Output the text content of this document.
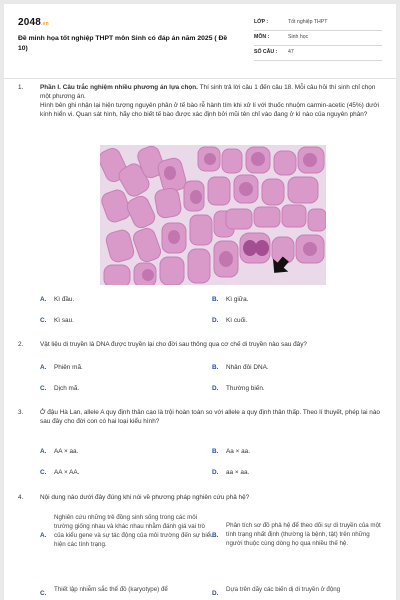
2048.vn
Đề minh họa tốt nghiệp THPT môn Sinh có đáp án năm 2025 ( Đề 10)
LỚP :	Tốt nghiệp THPT
MÔN :	Sinh học
SỐ CÂU : 47
1.	Phần I. Câu trắc nghiệm nhiều phương án lựa chọn. Thí sinh trả lời câu 1 đến câu 18. Mỗi câu hỏi thí sinh chỉ chọn một phương án.

Hình bên ghi nhận lại hiện tượng nguyên phân ở tế bào rễ hành tím khi xử lí với thuốc nhuộm carmin-acetic (45%) dưới kính hiển vi. Quan sát hình, hãy cho biết tế bào được xác định bởi mũi tên chỉ vào đang ở kì nào của nguyên phân?

A. Kì đầu.	B. Kì giữa.
C. Kì sau.	D. Kì cuối.
2.	Vật liệu di truyền là DNA được truyền lại cho đời sau thông qua cơ chế di truyền nào sau đây?
A. Phiên mã.	B. Nhân đôi DNA.
C. Dịch mã.	D. Thường biến.
3.	Ở đậu Hà Lan, allele A quy định thân cao là trội hoàn toàn so với allele a quy định thân thấp. Theo lí thuyết, phép lai nào sau đây cho đời con có hai loại kiểu hình?
A. AA × aa.	B. Aa × aa.
C. AA × AA.	D. aa × aa.
4.	Nội dung nào dưới đây đúng khi nói về phương pháp nghiên cứu phả hệ?
A.
Nghiên cứu những trẻ đồng sinh sống trong các môi trường giống nhau và khác nhau nhằm đánh giá vai trò của kiểu gene và sự tác động của môi trường đến sự biểu hiện các tính trạng.
B.
Phân tích sơ đồ phả hệ để theo dõi sự di truyền của một tính trạng nhất định (thường là bệnh, tật) trên những người thuộc cùng dòng họ qua nhiều thế hệ.
C.
Thiết lập nhiễm sắc thể đồ (karyotype) để
D.
Dựa trên dãy các biến dị di truyền ở động
